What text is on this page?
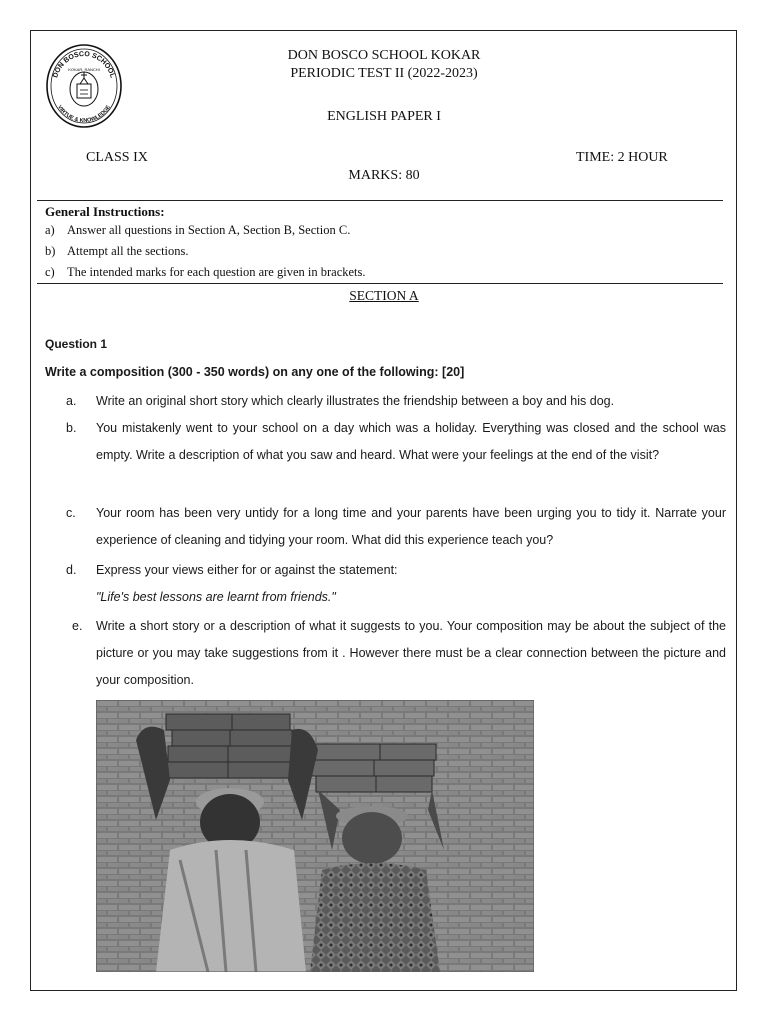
DON BOSCO SCHOOL
VIRTUE & KNOWLEDGE
KOKAR, RANCHI
DON BOSCO SCHOOL KOKAR
PERIODIC TEST II (2022-2023)
ENGLISH PAPER I
CLASS IX	TIME: 2 HOUR
MARKS: 80
General Instructions:
a) Answer all questions in Section A, Section B, Section C.
b) Attempt all the sections.
c) The intended marks for each question are given in brackets.
SECTION A
Question 1
Write a composition (300 - 350 words) on any one of the following: [20]
a.	Write an original short story which clearly illustrates the friendship between a boy and his dog.
b.	You mistakenly went to your school on a day which was a holiday. Everything was closed and the school was empty. Write a description of what you saw and heard. What were your feelings at the end of the visit?
c.	Your room has been very untidy for a long time and your parents have been urging you to tidy it. Narrate your experience of cleaning and tidying your room. What did this experience teach you?
d.	Express your views either for or against the statement:
"Life's best lessons are learnt from friends."
e.	Write a short story or a description of what it suggests to you. Your composition may be about the subject of the picture or you may take suggestions from it . However there must be a clear connection between the picture and your composition.
